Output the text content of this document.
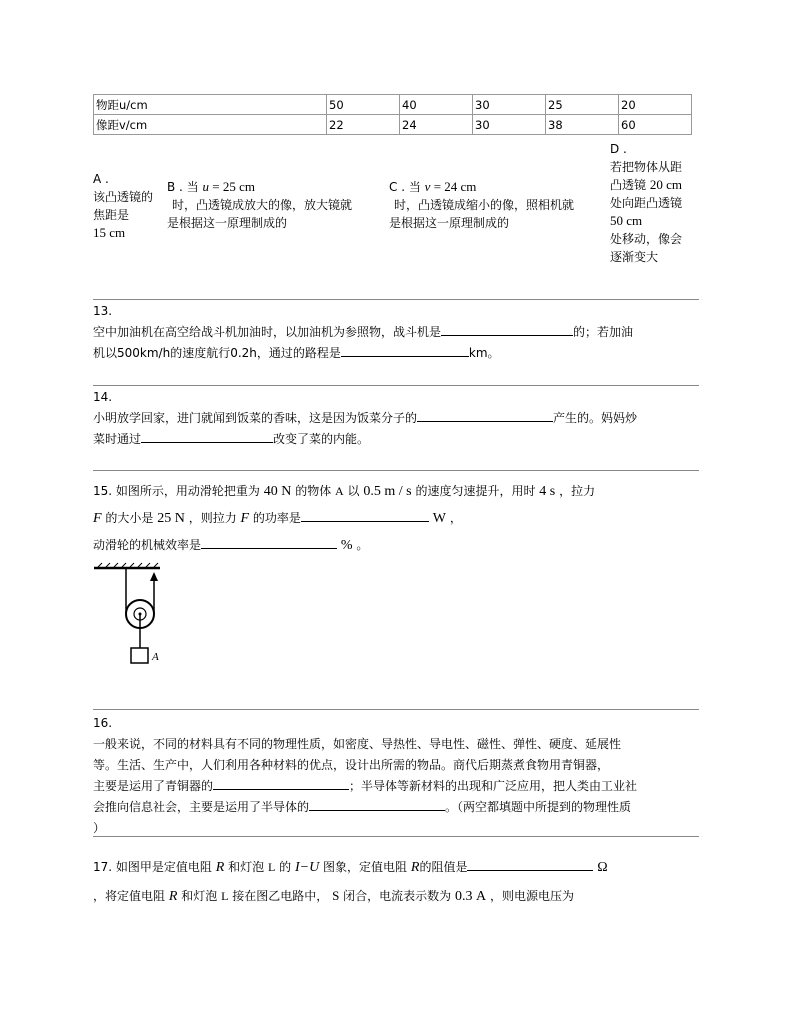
物距u/cm	50	40	30	25	20
像距v/cm	22	24	30	38	60
A .
该凸透镜的
焦距是
15 cm
B . 当 u = 25 cm
时，凸透镜成放大的像，放大镜就
是根据这一原理制成的
C . 当 v = 24 cm
时，凸透镜成缩小的像，照相机就
是根据这一原理制成的
D .
若把物体从距
凸透镜 20 cm
处向距凸透镜
50 cm
处移动，像会
逐渐变大
13.
空中加油机在高空给战斗机加油时，以加油机为参照物，战斗机是	的；若加油
机以500km/h的速度航行0.2h，通过的路程是	km。
14.
小明放学回家，进门就闻到饭菜的香味，这是因为饭菜分子的	产生的。妈妈炒
菜时通过	改变了菜的内能。
15. 如图所示，用动滑轮把重为 40 N 的物体 A 以 0.5 m / s 的速度匀速提升，用时 4 s ，拉力
F 的大小是 25 N ，则拉力 F 的功率是	W ，
动滑轮的机械效率是	% 。
A
16.
一般来说，不同的材料具有不同的物理性质，如密度、导热性、导电性、磁性、弹性、硬度、延展性
等。生活、生产中，人们利用各种材料的优点，设计出所需的物品。商代后期蒸煮食物用青铜器，
主要是运用了青铜器的	；半导体等新材料的出现和广泛应用，把人类由工业社
会推向信息社会，主要是运用了半导体的	。（两空都填题中所提到的物理性质
）
17. 如图甲是定值电阻 R 和灯泡 L 的 I−U 图象，定值电阻 R的阻值是	Ω
，将定值电阻 R 和灯泡 L 接在图乙电路中， S 闭合，电流表示数为 0.3 A ，则电源电压为
